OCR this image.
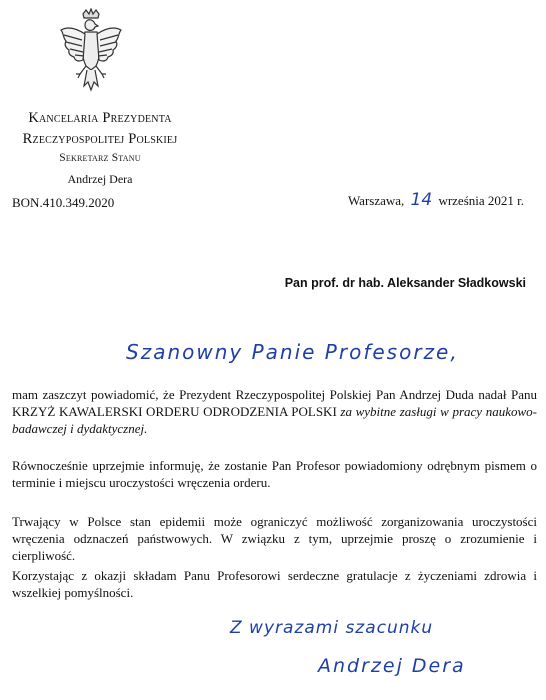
Kancelaria Prezydenta
Rzeczypospolitej Polskiej
Sekretarz Stanu
Andrzej Dera
BON.410.349.2020	Warszawa, 14 września 2021 r.
Pan prof. dr hab. Aleksander Sładkowski
Szanowny Panie Profesorze,

mam zaszczyt powiadomić, że Prezydent Rzeczypospolitej Polskiej Pan Andrzej Duda nadał Panu KRZYŻ KAWALERSKI ORDERU ODRODZENIA POLSKI za wybitne zasługi w pracy naukowo-badawczej i dydaktycznej.

Równocześnie uprzejmie informuję, że zostanie Pan Profesor powiadomiony odrębnym pismem o terminie i miejscu uroczystości wręczenia orderu.

Trwający w Polsce stan epidemii może ograniczyć możliwość zorganizowania uroczystości wręczenia odznaczeń państwowych. W związku z tym, uprzejmie proszę o zrozumienie i cierpliwość.

Korzystając z okazji składam Panu Profesorowi serdeczne gratulacje z życzeniami zdrowia i wszelkiej pomyślności.

Z wyrazami szacunku
Andrzej Dera
